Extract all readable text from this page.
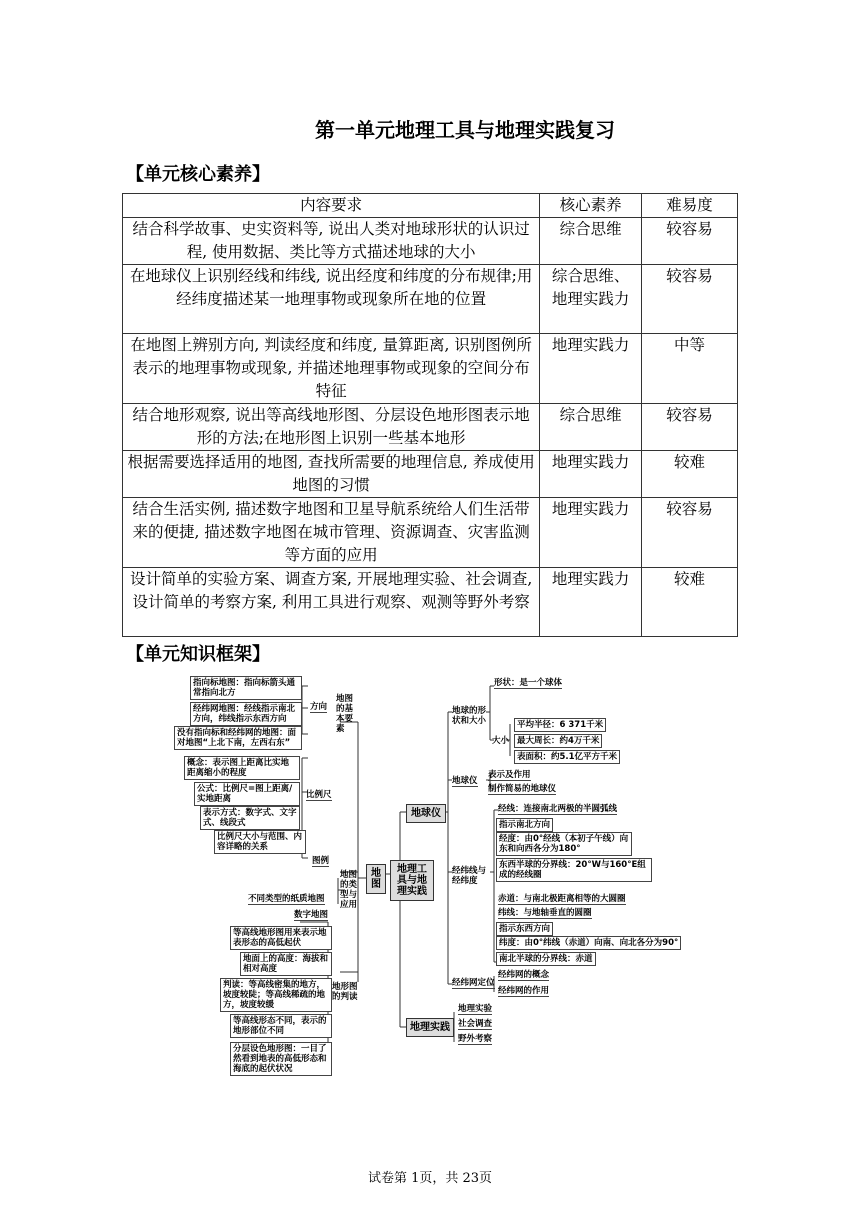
第一单元地理工具与地理实践复习
【单元核心素养】
内容要求	核心素养	难易度
结合科学故事、史实资料等, 说出人类对地球形状的认识过程, 使用数据、类比等方式描述地球的大小	综合思维	较容易
在地球仪上识别经线和纬线, 说出经度和纬度的分布规律;用经纬度描述某一地理事物或现象所在地的位置	综合思维、地理实践力	较容易
在地图上辨别方向, 判读经度和纬度, 量算距离, 识别图例所表示的地理事物或现象, 并描述地理事物或现象的空间分布特征	地理实践力	中等
结合地形观察, 说出等高线地形图、分层设色地形图表示地形的方法;在地形图上识别一些基本地形	综合思维	较容易
根据需要选择适用的地图, 查找所需要的地理信息, 养成使用地图的习惯	地理实践力	较难
结合生活实例, 描述数字地图和卫星导航系统给人们生活带来的便捷, 描述数字地图在城市管理、资源调查、灾害监测等方面的应用	地理实践力	较容易
设计简单的实验方案、调查方案, 开展地理实验、社会调查, 设计简单的考察方案, 利用工具进行观察、观测等野外考察	地理实践力	较难
【单元知识框架】
指向标地图：指向标箭头通常指向北方
经纬网地图：经线指示南北方向，纬线指示东西方向
没有指向标和经纬网的地图：面对地图“上北下南，左西右东”
方向
地图的基本要素
概念：表示图上距离比实地距离缩小的程度
公式：比例尺=图上距离/实地距离
表示方式：数字式、文字式、线段式
比例尺大小与范围、内容详略的关系
比例尺
图例
地图
地图的类型与应用
不同类型的纸质地图
数字地图
等高线地形图用来表示地表形态的高低起伏
地面上的高度：海拔和相对高度
判读：等高线密集的地方，坡度较陡；等高线稀疏的地方，坡度较缓
等高线形态不同，表示的地形部位不同
分层设色地形图：一目了然看到地表的高低形态和海底的起伏状况
地形图的判读
地理工具与地理实践
地球仪
地球的形状和大小
形状：是一个球体
大小
平均半径：6 371千米
最大周长：约4万千米
表面积：约5.1亿平方千米
地球仪
表示及作用
制作简易的地球仪
经纬线与经纬度
经线：连接南北两极的半圆弧线
指示南北方向
经度：由0°经线（本初子午线）向东和向西各分为180°
东西半球的分界线：20°W与160°E组成的经线圈
赤道：与南北极距离相等的大圆圈
纬线：与地轴垂直的圆圈
指示东西方向
纬度：由0°纬线（赤道）向南、向北各分为90°
南北半球的分界线：赤道
经纬网定位
经纬网的概念
经纬网的作用
地理实践
地理实验
社会调查
野外考察
试卷第 1页，共 23页
